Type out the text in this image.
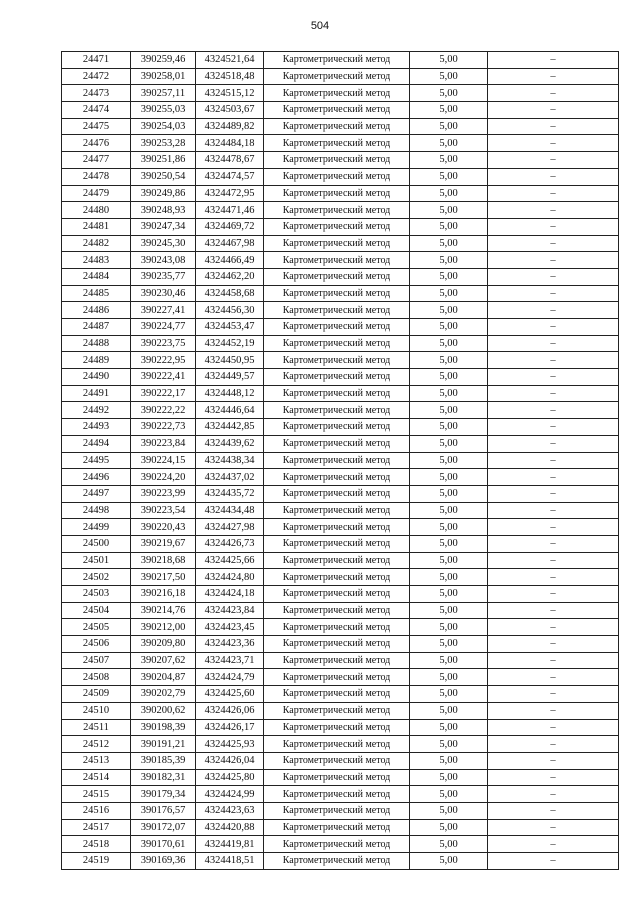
504
24471	390259,46	4324521,64	Картометрический метод	5,00	–
24472	390258,01	4324518,48	Картометрический метод	5,00	–
24473	390257,11	4324515,12	Картометрический метод	5,00	–
24474	390255,03	4324503,67	Картометрический метод	5,00	–
24475	390254,03	4324489,82	Картометрический метод	5,00	–
24476	390253,28	4324484,18	Картометрический метод	5,00	–
24477	390251,86	4324478,67	Картометрический метод	5,00	–
24478	390250,54	4324474,57	Картометрический метод	5,00	–
24479	390249,86	4324472,95	Картометрический метод	5,00	–
24480	390248,93	4324471,46	Картометрический метод	5,00	–
24481	390247,34	4324469,72	Картометрический метод	5,00	–
24482	390245,30	4324467,98	Картометрический метод	5,00	–
24483	390243,08	4324466,49	Картометрический метод	5,00	–
24484	390235,77	4324462,20	Картометрический метод	5,00	–
24485	390230,46	4324458,68	Картометрический метод	5,00	–
24486	390227,41	4324456,30	Картометрический метод	5,00	–
24487	390224,77	4324453,47	Картометрический метод	5,00	–
24488	390223,75	4324452,19	Картометрический метод	5,00	–
24489	390222,95	4324450,95	Картометрический метод	5,00	–
24490	390222,41	4324449,57	Картометрический метод	5,00	–
24491	390222,17	4324448,12	Картометрический метод	5,00	–
24492	390222,22	4324446,64	Картометрический метод	5,00	–
24493	390222,73	4324442,85	Картометрический метод	5,00	–
24494	390223,84	4324439,62	Картометрический метод	5,00	–
24495	390224,15	4324438,34	Картометрический метод	5,00	–
24496	390224,20	4324437,02	Картометрический метод	5,00	–
24497	390223,99	4324435,72	Картометрический метод	5,00	–
24498	390223,54	4324434,48	Картометрический метод	5,00	–
24499	390220,43	4324427,98	Картометрический метод	5,00	–
24500	390219,67	4324426,73	Картометрический метод	5,00	–
24501	390218,68	4324425,66	Картометрический метод	5,00	–
24502	390217,50	4324424,80	Картометрический метод	5,00	–
24503	390216,18	4324424,18	Картометрический метод	5,00	–
24504	390214,76	4324423,84	Картометрический метод	5,00	–
24505	390212,00	4324423,45	Картометрический метод	5,00	–
24506	390209,80	4324423,36	Картометрический метод	5,00	–
24507	390207,62	4324423,71	Картометрический метод	5,00	–
24508	390204,87	4324424,79	Картометрический метод	5,00	–
24509	390202,79	4324425,60	Картометрический метод	5,00	–
24510	390200,62	4324426,06	Картометрический метод	5,00	–
24511	390198,39	4324426,17	Картометрический метод	5,00	–
24512	390191,21	4324425,93	Картометрический метод	5,00	–
24513	390185,39	4324426,04	Картометрический метод	5,00	–
24514	390182,31	4324425,80	Картометрический метод	5,00	–
24515	390179,34	4324424,99	Картометрический метод	5,00	–
24516	390176,57	4324423,63	Картометрический метод	5,00	–
24517	390172,07	4324420,88	Картометрический метод	5,00	–
24518	390170,61	4324419,81	Картометрический метод	5,00	–
24519	390169,36	4324418,51	Картометрический метод	5,00	–
